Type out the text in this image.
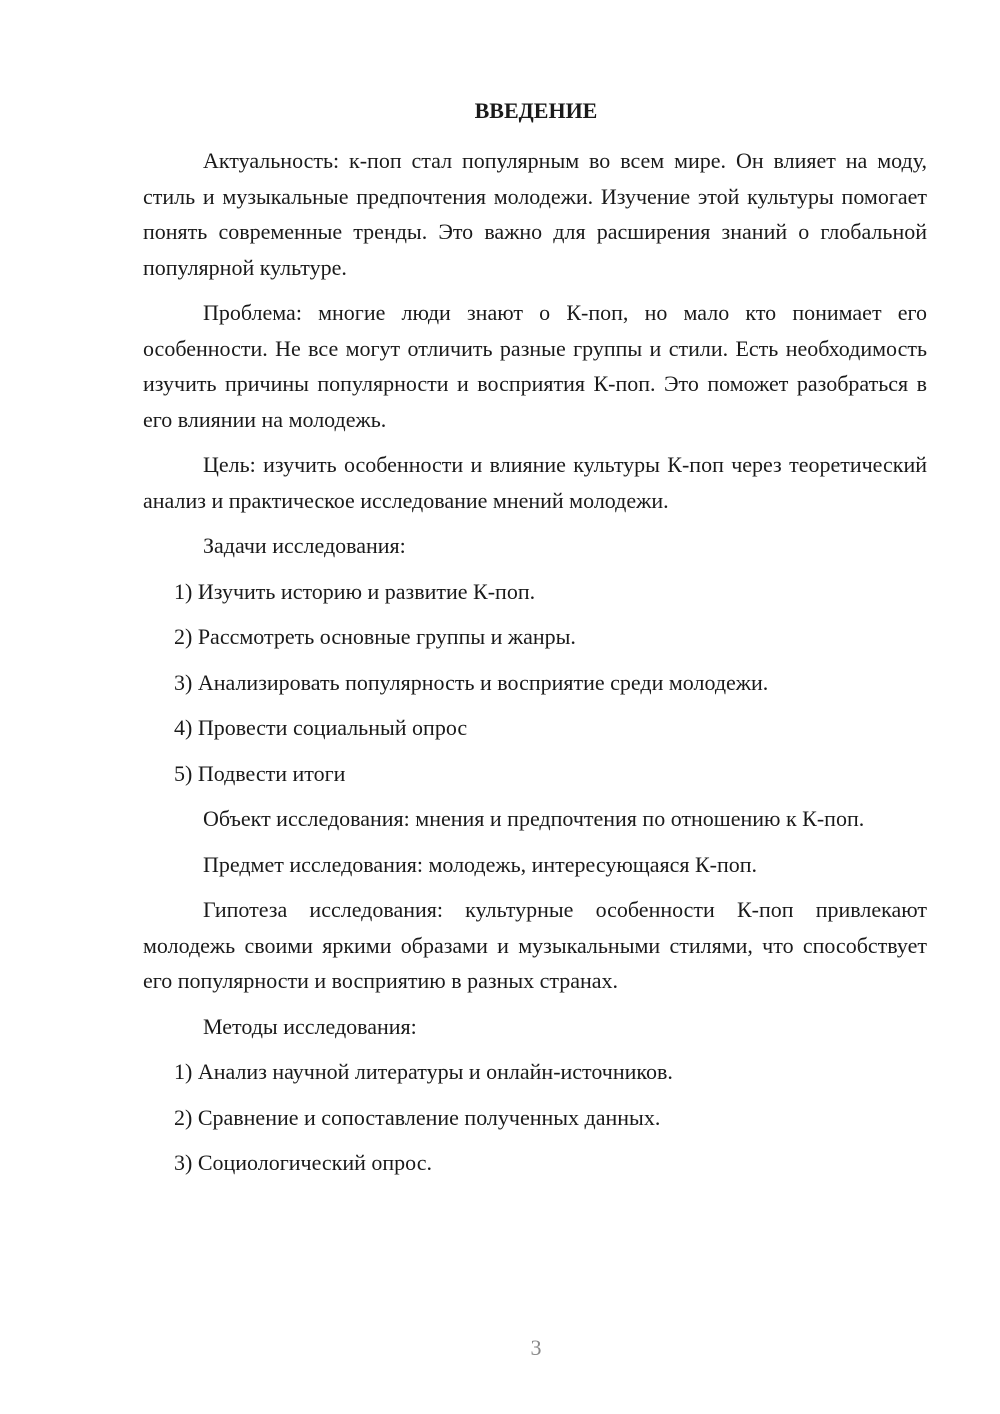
ВВЕДЕНИЕ

Актуальность: к-поп стал популярным во всем мире. Он влияет на моду, стиль и музыкальные предпочтения молодежи. Изучение этой культуры помогает понять современные тренды. Это важно для расширения знаний о глобальной популярной культуре.

Проблема: многие люди знают о К-поп, но мало кто понимает его особенности. Не все могут отличить разные группы и стили. Есть необходимость изучить причины популярности и восприятия К-поп. Это поможет разобраться в его влиянии на молодежь.

Цель: изучить особенности и влияние культуры К-поп через теоретический анализ и практическое исследование мнений молодежи.

Задачи исследования:

1) Изучить историю и развитие К-поп.
2) Рассмотреть основные группы и жанры.
3) Анализировать популярность и восприятие среди молодежи.
4) Провести социальный опрос
5) Подвести итоги

Объект исследования: мнения и предпочтения по отношению к К-поп.

Предмет исследования: молодежь, интересующаяся К-поп.

Гипотеза исследования: культурные особенности К-поп привлекают молодежь своими яркими образами и музыкальными стилями, что способствует его популярности и восприятию в разных странах.

Методы исследования:

1) Анализ научной литературы и онлайн-источников.
2) Сравнение и сопоставление полученных данных.
3) Социологический опрос.
3
